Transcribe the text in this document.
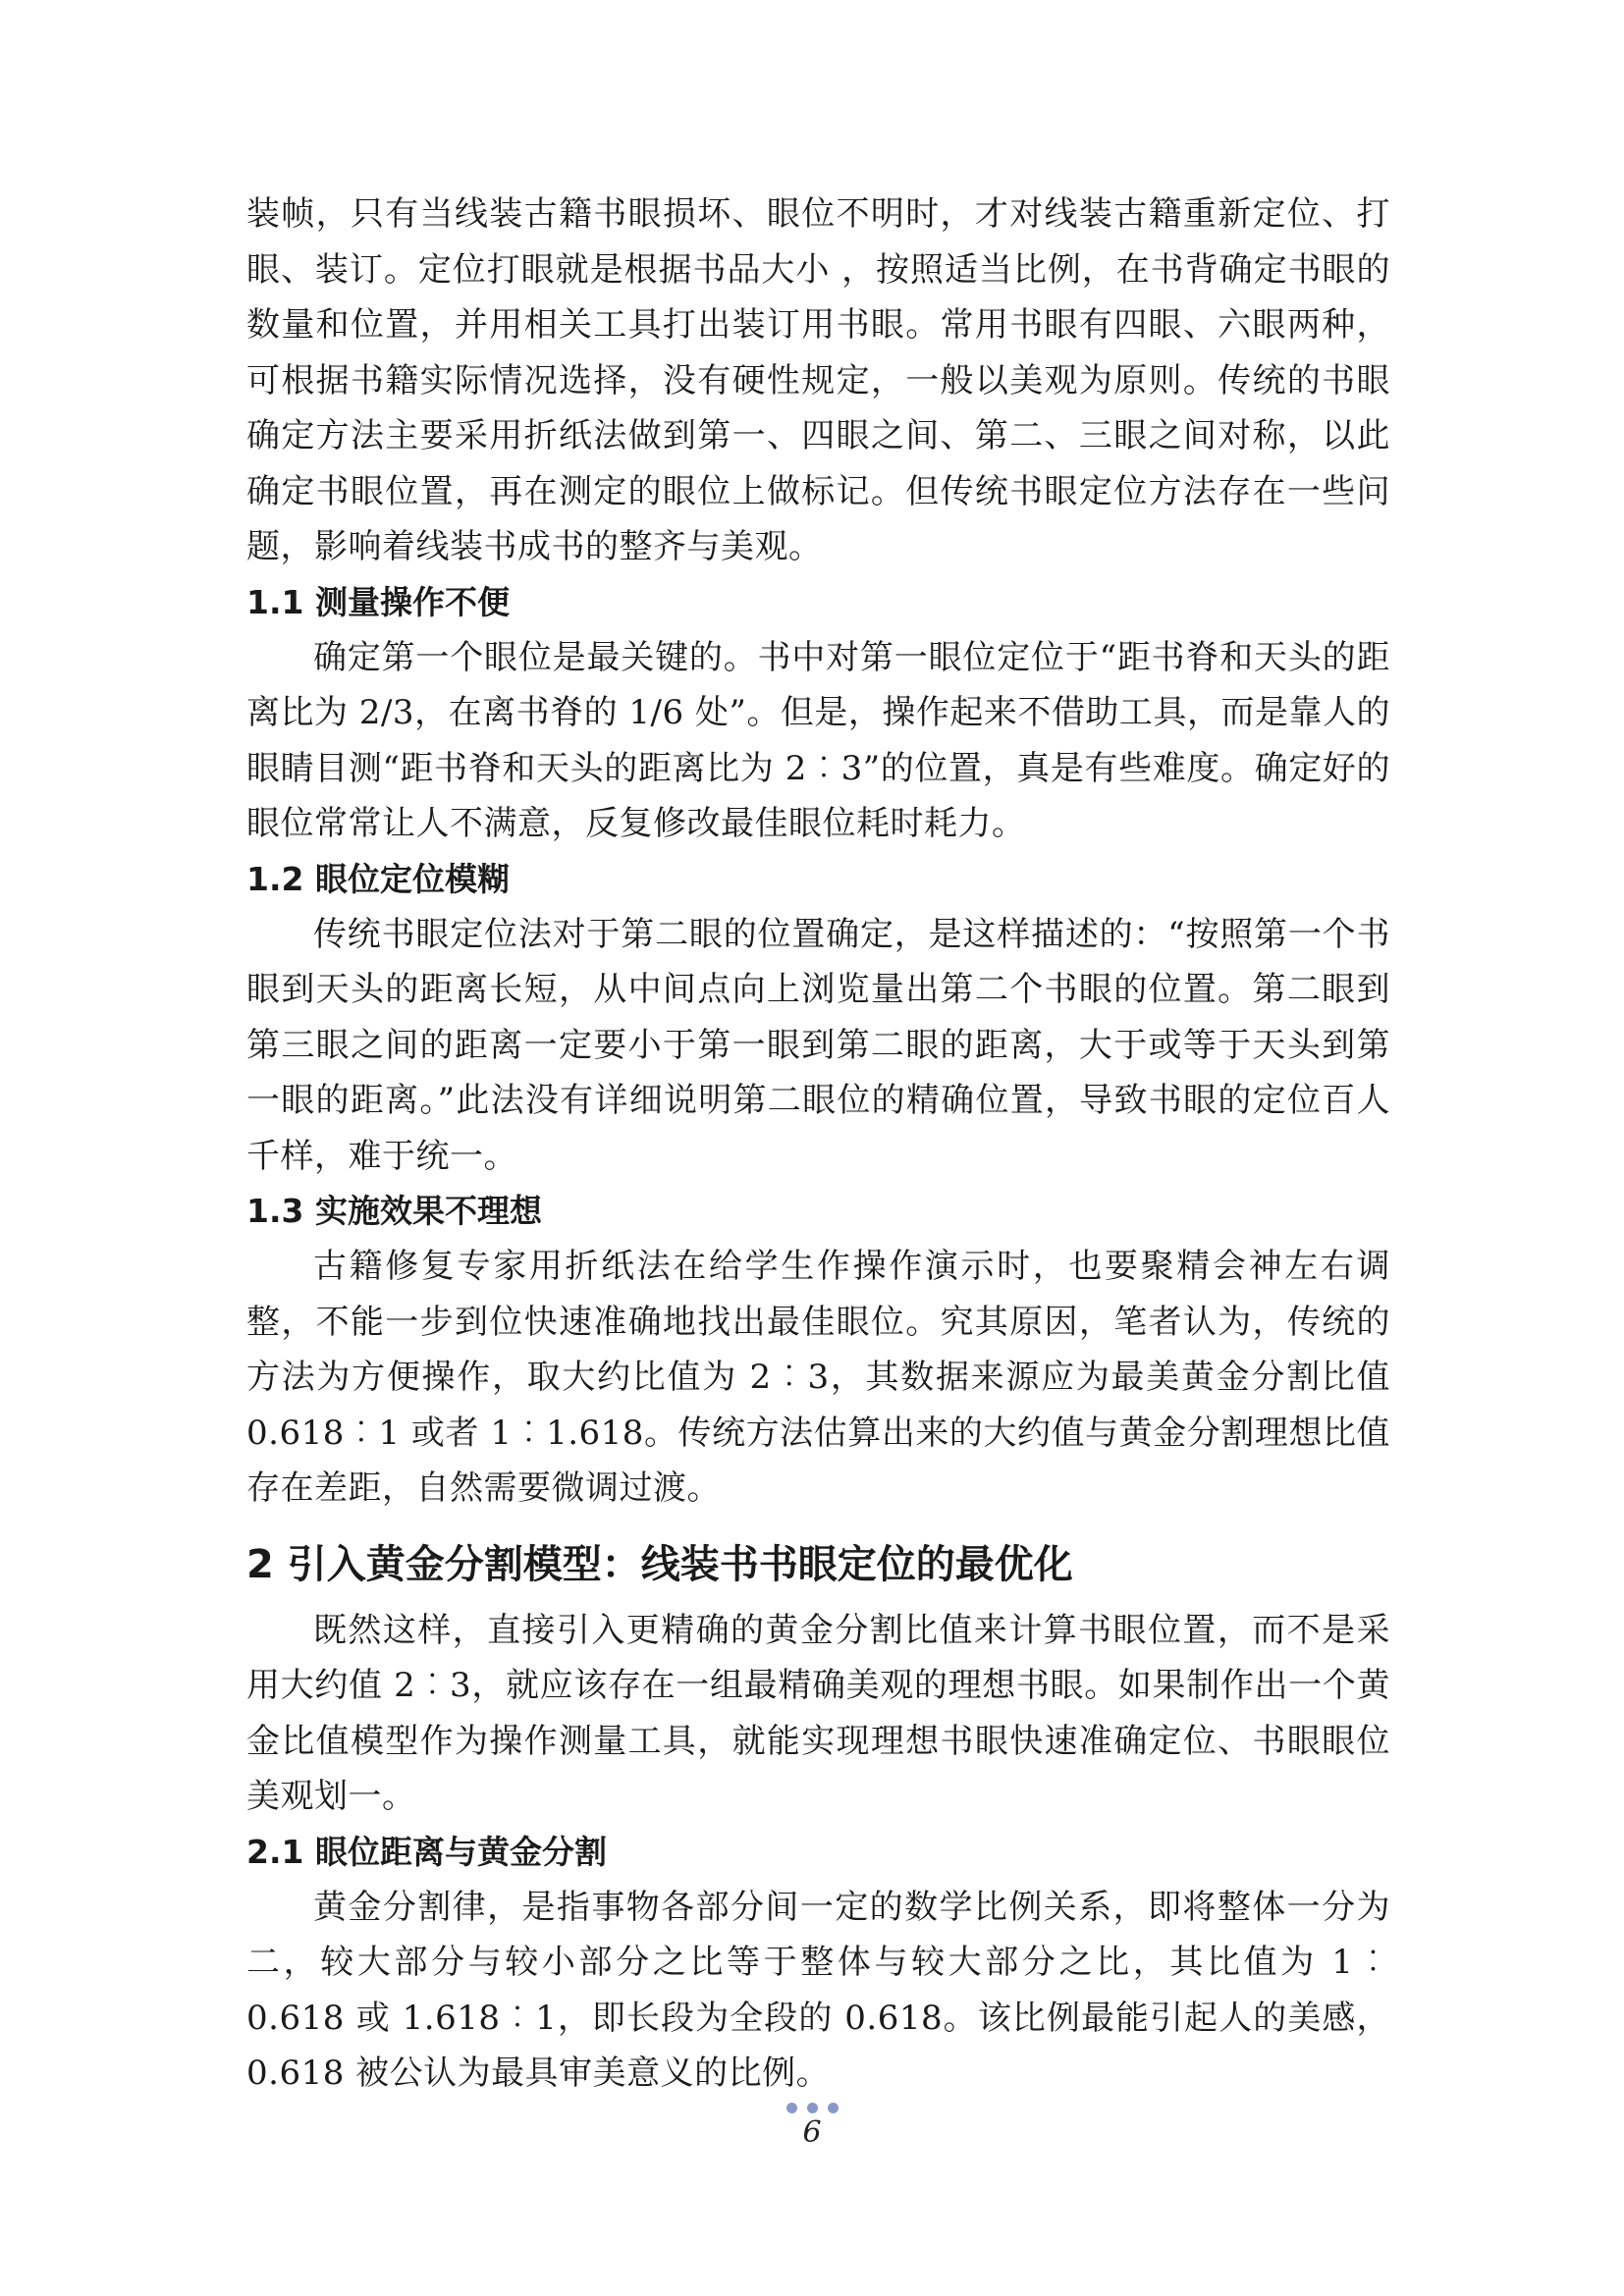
装帧，只有当线装古籍书眼损坏、眼位不明时，才对线装古籍重新定位、打眼、装订。定位打眼就是根据书品大小 ，按照适当比例，在书背确定书眼的数量和位置，并用相关工具打出装订用书眼。常用书眼有四眼、六眼两种，可根据书籍实际情况选择，没有硬性规定，一般以美观为原则。传统的书眼确定方法主要采用折纸法做到第一、四眼之间、第二、三眼之间对称，以此确定书眼位置，再在测定的眼位上做标记。但传统书眼定位方法存在一些问题，影响着线装书成书的整齐与美观。

1.1 测量操作不便

确定第一个眼位是最关键的。书中对第一眼位定位于“距书脊和天头的距离比为 2/3，在离书脊的 1/6 处”。但是，操作起来不借助工具，而是靠人的眼睛目测“距书脊和天头的距离比为 2︰3”的位置，真是有些难度。确定好的眼位常常让人不满意，反复修改最佳眼位耗时耗力。

1.2 眼位定位模糊

传统书眼定位法对于第二眼的位置确定，是这样描述的：“按照第一个书眼到天头的距离长短，从中间点向上浏览量出第二个书眼的位置。第二眼到第三眼之间的距离一定要小于第一眼到第二眼的距离，大于或等于天头到第一眼的距离。”此法没有详细说明第二眼位的精确位置，导致书眼的定位百人千样，难于统一。

1.3 实施效果不理想

古籍修复专家用折纸法在给学生作操作演示时，也要聚精会神左右调整，不能一步到位快速准确地找出最佳眼位。究其原因，笔者认为，传统的方法为方便操作，取大约比值为 2︰3，其数据来源应为最美黄金分割比值 0.618︰1 或者 1︰1.618。传统方法估算出来的大约值与黄金分割理想比值存在差距，自然需要微调过渡。

2 引入黄金分割模型：线装书书眼定位的最优化

既然这样，直接引入更精确的黄金分割比值来计算书眼位置，而不是采用大约值 2︰3，就应该存在一组最精确美观的理想书眼。如果制作出一个黄金比值模型作为操作测量工具，就能实现理想书眼快速准确定位、书眼眼位美观划一。

2.1 眼位距离与黄金分割

黄金分割律，是指事物各部分间一定的数学比例关系，即将整体一分为二，较大部分与较小部分之比等于整体与较大部分之比，其比值为 1︰0.618 或 1.618︰1，即长段为全段的 0.618。该比例最能引起人的美感，0.618 被公认为最具审美意义的比例。

6
